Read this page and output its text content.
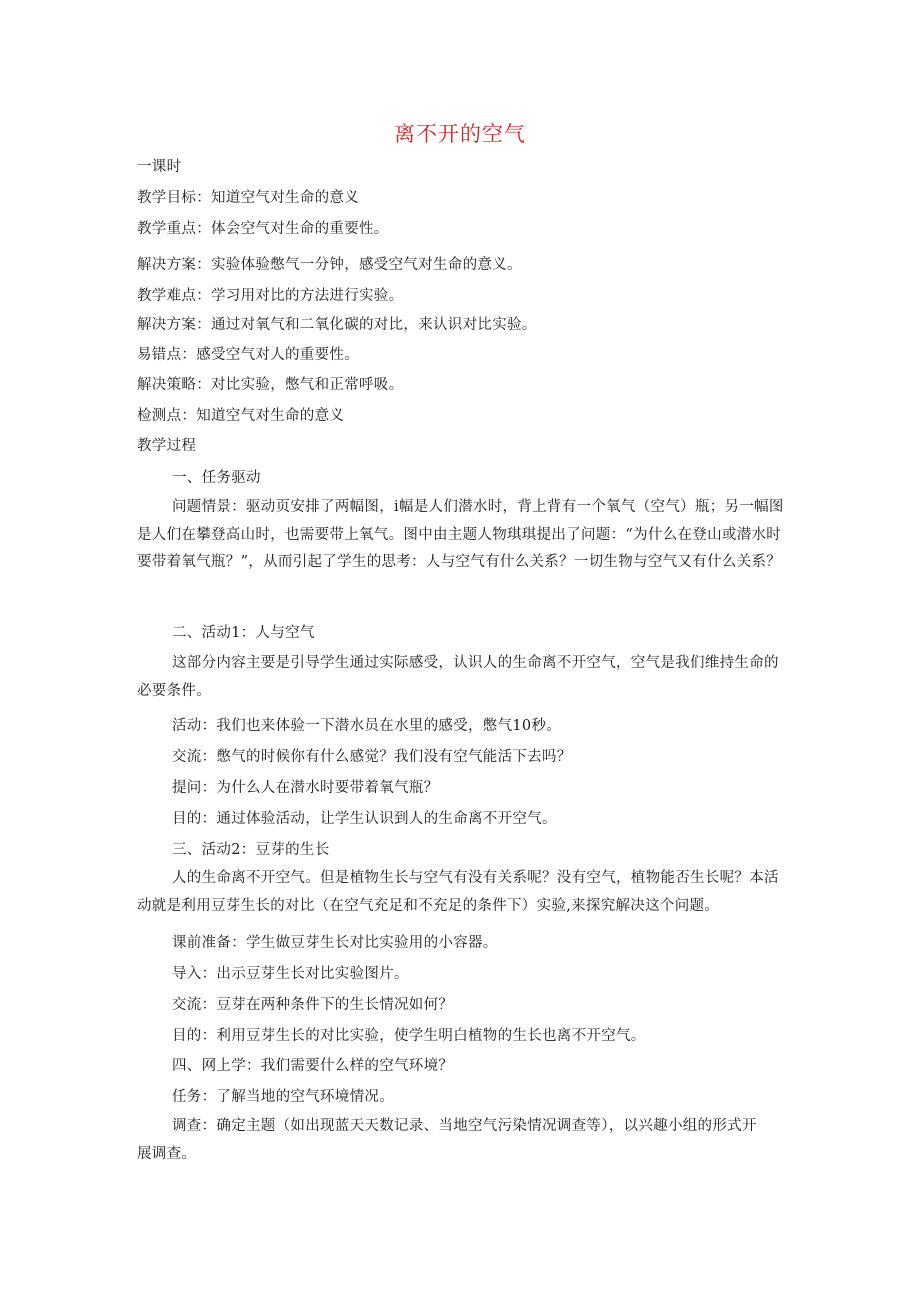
离不开的空气
一课时
教学目标：知道空气对生命的意义
教学重点：体会空气对生命的重要性。
解决方案：实验体验憋气一分钟，感受空气对生命的意义。
教学难点：学习用对比的方法进行实验。
解决方案：通过对氧气和二氧化碳的对比，来认识对比实验。
易错点：感受空气对人的重要性。
解决策略：对比实验，憋气和正常呼吸。
检测点：知道空气对生命的意义
教学过程
一、任务驱动
问题情景：驱动页安排了两幅图，i幅是人们潜水时，背上背有一个氧气（空气）瓶；另一幅图是人们在攀登高山时，也需要带上氧气。图中由主题人物琪琪提出了问题：“为什么在登山或潜水时要带着氧气瓶？”，从而引起了学生的思考：人与空气有什么关系？一切生物与空气又有什么关系？
二、活动1：人与空气
这部分内容主要是引导学生通过实际感受，认识人的生命离不开空气，空气是我们维持生命的必要条件。
活动：我们也来体验一下潜水员在水里的感受，憋气10秒。
交流：憋气的时候你有什么感觉？我们没有空气能活下去吗？
提问：为什么人在潜水时要带着氧气瓶？
目的：通过体验活动，让学生认识到人的生命离不开空气。
三、活动2：豆芽的生长
人的生命离不开空气。但是植物生长与空气有没有关系呢？没有空气，植物能否生长呢？本活动就是利用豆芽生长的对比（在空气充足和不充足的条件下）实验,来探究解决这个问题。
课前准备：学生做豆芽生长对比实验用的小容器。
导入：出示豆芽生长对比实验图片。
交流：豆芽在两种条件下的生长情况如何？
目的：利用豆芽生长的对比实验，使学生明白植物的生长也离不开空气。
四、网上学：我们需要什么样的空气环境？
任务：了解当地的空气环境情况。
调查：确定主题（如出现蓝天天数记录、当地空气污染情况调查等），以兴趣小组的形式开展调查。
